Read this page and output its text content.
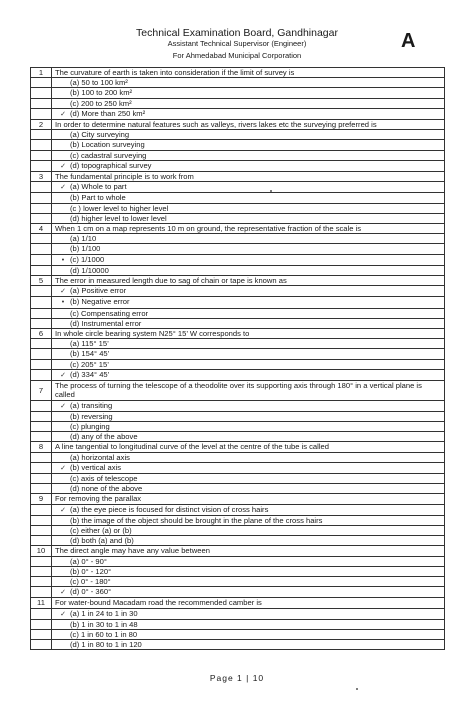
Technical Examination Board, Gandhinagar
Assistant Technical Supervisor (Engineer)
For Ahmedabad Municipal Corporation
A
1	The curvature of earth is taken into consideration if the limit of survey is
	(a) 50 to 100 km²
	(b) 100 to 200 km²
	(c) 200 to 250 km²
	✓ (d) More than 250 km²
2	In order to determine natural features such as valleys, rivers lakes etc the surveying preferred is
	(a) City surveying
	(b) Location surveying
	(c) cadastral surveying
	✓ (d) topographical survey
3	The fundamental principle is to work from
	✓ (a) Whole to part
	(b) Part to whole
	(c ) lower level to higher level
	(d) higher level to lower level
4	When 1 cm on a map represents 10 m on ground, the representative fraction of the scale is
	(a) 1/10
	(b) 1/100
	• (c) 1/1000
	(d) 1/10000
5	The error in measured length due to sag of chain or tape is known as
	✓ (a) Positive error
	• (b) Negative error
	(c) Compensating error
	(d) Instrumental error
6	In whole circle bearing system N25° 15’ W corresponds to
	(a) 115° 15’
	(b) 154° 45’
	(c) 205° 15’
	✓ (d) 334° 45’
7	The process of turning the telescope of a theodolite over its supporting axis through 180° in a vertical plane is called
	✓ (a) transiting
	(b) reversing
	(c) plunging
	(d) any of the above
8	A line tangential to longitudinal curve of the level at the centre of the tube is called
	(a) horizontal axis
	✓ (b) vertical axis
	(c) axis of telescope
	(d) none of the above
9	For removing the parallax
	✓ (a) the eye piece is focused for distinct vision of cross hairs
	(b) the image of the object should be brought in the plane of the cross hairs
	(c) either (a) or (b)
	(d) both (a) and (b)
10	The direct angle may have any value between
	(a) 0° - 90°
	(b) 0° - 120°
	(c) 0° - 180°
	✓ (d) 0° - 360°
11	For water-bound Macadam road the recommended camber is
	✓ (a) 1 in 24 to 1 in 30
	(b) 1 in 30 to 1 in 48
	(c) 1 in 60 to 1 in 80
	(d) 1 in 80 to 1 in 120
Page 1 | 10
